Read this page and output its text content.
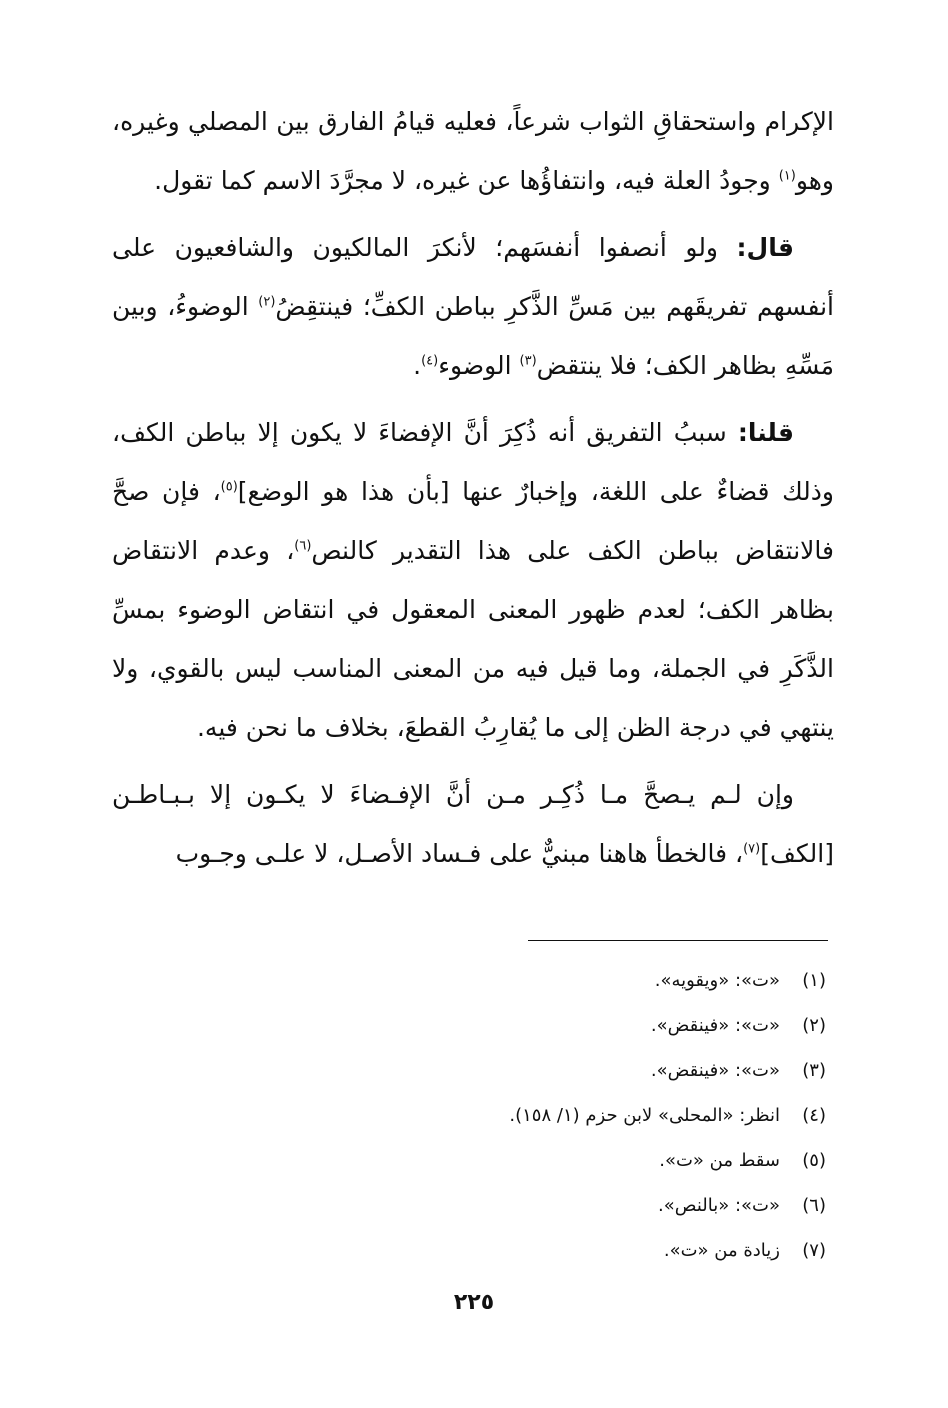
الإكرام واستحقاقِ الثواب شرعاً، فعليه قيامُ الفارق بين المصلي وغيره، وهو$^{(١)}$ وجودُ العلة فيه، وانتفاؤُها عن غيره، لا مجرَّدَ الاسم كما تقول.

قال: ولو أنصفوا أنفسَهم؛ لأنكرَ المالكيون والشافعيون على أنفسهم تفريقَهم بين مَسِّ الذَّكرِ بباطن الكفِّ؛ فينتقِضُ$^{(٢)}$ الوضوءُ، وبين مَسِّهِ بظاهر الكف؛ فلا ينتقض$^{(٣)}$ الوضوء$^{(٤)}$.

قلنا: سببُ التفريق أنه ذُكِرَ أنَّ الإفضاءَ لا يكون إلا بباطن الكف، وذلك قضاءٌ على اللغة، وإخبارٌ عنها [بأن هذا هو الوضع]$^{(٥)}$، فإن صحَّ فالانتقاض بباطن الكف على هذا التقدير كالنص$^{(٦)}$، وعدم الانتقاض بظاهر الكف؛ لعدم ظهور المعنى المعقول في انتقاض الوضوء بمسِّ الذَّكَرِ في الجملة، وما قيل فيه من المعنى المناسب ليس بالقوي، ولا ينتهي في درجة الظن إلى ما يُقارِبُ القطعَ، بخلاف ما نحن فيه.

وإن لـم يـصحَّ مـا ذُكِـر مـن أنَّ الإفـضاءَ لا يكـون إلا بـبـاطـن [الكف]$^{(٧)}$، فالخطأ هاهنا مبنيٌّ على فـساد الأصـل، لا علـى وجـوب

(١)«ت»: «ويقويه».
(٢)«ت»: «فينقض».
(٣)«ت»: «فينقض».
(٤)انظر: «المحلى» لابن حزم (١/ ١٥٨).
(٥)سقط من «ت».
(٦)«ت»: «بالنص».
(٧)زيادة من «ت».
٢٢٥
